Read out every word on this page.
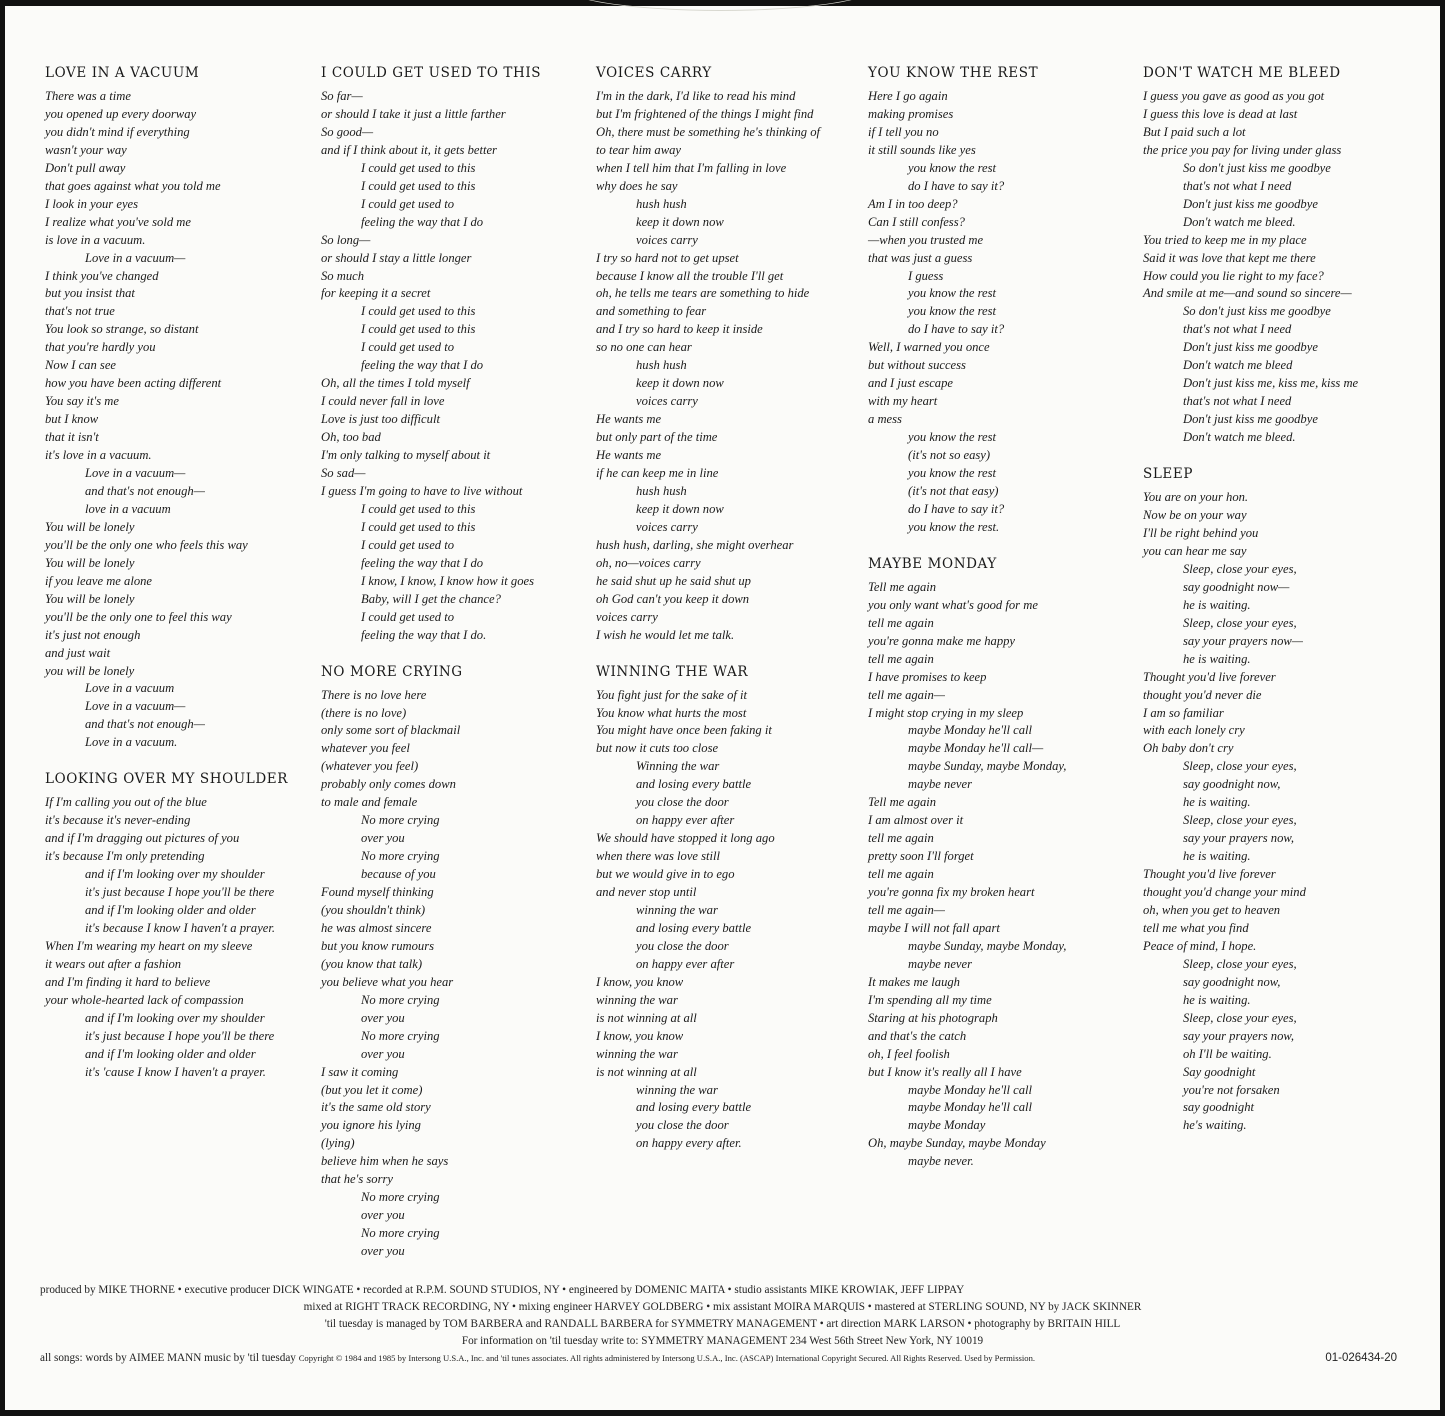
LOVE IN A VACUUM
There was a time
you opened up every doorway
you didn't mind if everything
wasn't your way
Don't pull away
that goes against what you told me
I look in your eyes
I realize what you've sold me
is love in a vacuum.
Love in a vacuum—
I think you've changed
but you insist that
that's not true
You look so strange, so distant
that you're hardly you
Now I can see
how you have been acting different
You say it's me
but I know
that it isn't
it's love in a vacuum.
Love in a vacuum—
and that's not enough—
love in a vacuum
You will be lonely
you'll be the only one who feels this way
You will be lonely
if you leave me alone
You will be lonely
you'll be the only one to feel this way
it's just not enough
and just wait
you will be lonely
Love in a vacuum
Love in a vacuum—
and that's not enough—
Love in a vacuum.
LOOKING OVER MY SHOULDER
If I'm calling you out of the blue
it's because it's never-ending
and if I'm dragging out pictures of you
it's because I'm only pretending
and if I'm looking over my shoulder
it's just because I hope you'll be there
and if I'm looking older and older
it's because I know I haven't a prayer.
When I'm wearing my heart on my sleeve
it wears out after a fashion
and I'm finding it hard to believe
your whole-hearted lack of compassion
and if I'm looking over my shoulder
it's just because I hope you'll be there
and if I'm looking older and older
it's 'cause I know I haven't a prayer.
I COULD GET USED TO THIS
So far—
or should I take it just a little farther
So good—
and if I think about it, it gets better
I could get used to this
I could get used to this
I could get used to
feeling the way that I do
So long—
or should I stay a little longer
So much
for keeping it a secret
I could get used to this
I could get used to this
I could get used to
feeling the way that I do
Oh, all the times I told myself
I could never fall in love
Love is just too difficult
Oh, too bad
I'm only talking to myself about it
So sad—
I guess I'm going to have to live without
I could get used to this
I could get used to this
I could get used to
feeling the way that I do
I know, I know, I know how it goes
Baby, will I get the chance?
I could get used to
feeling the way that I do.
NO MORE CRYING
There is no love here
(there is no love)
only some sort of blackmail
whatever you feel
(whatever you feel)
probably only comes down
to male and female
No more crying
over you
No more crying
because of you
Found myself thinking
(you shouldn't think)
he was almost sincere
but you know rumours
(you know that talk)
you believe what you hear
No more crying
over you
No more crying
over you
I saw it coming
(but you let it come)
it's the same old story
you ignore his lying
(lying)
believe him when he says
that he's sorry
No more crying
over you
No more crying
over you
VOICES CARRY
I'm in the dark, I'd like to read his mind
but I'm frightened of the things I might find
Oh, there must be something he's thinking of
to tear him away
when I tell him that I'm falling in love
why does he say
hush hush
keep it down now
voices carry
I try so hard not to get upset
because I know all the trouble I'll get
oh, he tells me tears are something to hide
and something to fear
and I try so hard to keep it inside
so no one can hear
hush hush
keep it down now
voices carry
He wants me
but only part of the time
He wants me
if he can keep me in line
hush hush
keep it down now
voices carry
hush hush, darling, she might overhear
oh, no—voices carry
he said shut up he said shut up
oh God can't you keep it down
voices carry
I wish he would let me talk.
WINNING THE WAR
You fight just for the sake of it
You know what hurts the most
You might have once been faking it
but now it cuts too close
Winning the war
and losing every battle
you close the door
on happy ever after
We should have stopped it long ago
when there was love still
but we would give in to ego
and never stop until
winning the war
and losing every battle
you close the door
on happy ever after
I know, you know
winning the war
is not winning at all
I know, you know
winning the war
is not winning at all
winning the war
and losing every battle
you close the door
on happy every after.
YOU KNOW THE REST
Here I go again
making promises
if I tell you no
it still sounds like yes
you know the rest
do I have to say it?
Am I in too deep?
Can I still confess?
—when you trusted me
that was just a guess
I guess
you know the rest
you know the rest
do I have to say it?
Well, I warned you once
but without success
and I just escape
with my heart
a mess
you know the rest
(it's not so easy)
you know the rest
(it's not that easy)
do I have to say it?
you know the rest.
MAYBE MONDAY
Tell me again
you only want what's good for me
tell me again
you're gonna make me happy
tell me again
I have promises to keep
tell me again—
I might stop crying in my sleep
maybe Monday he'll call
maybe Monday he'll call—
maybe Sunday, maybe Monday,
maybe never
Tell me again
I am almost over it
tell me again
pretty soon I'll forget
tell me again
you're gonna fix my broken heart
tell me again—
maybe I will not fall apart
maybe Sunday, maybe Monday,
maybe never
It makes me laugh
I'm spending all my time
Staring at his photograph
and that's the catch
oh, I feel foolish
but I know it's really all I have
maybe Monday he'll call
maybe Monday he'll call
maybe Monday
Oh, maybe Sunday, maybe Monday
maybe never.
DON'T WATCH ME BLEED
I guess you gave as good as you got
I guess this love is dead at last
But I paid such a lot
the price you pay for living under glass
So don't just kiss me goodbye
that's not what I need
Don't just kiss me goodbye
Don't watch me bleed.
You tried to keep me in my place
Said it was love that kept me there
How could you lie right to my face?
And smile at me—and sound so sincere—
So don't just kiss me goodbye
that's not what I need
Don't just kiss me goodbye
Don't watch me bleed
Don't just kiss me, kiss me, kiss me
that's not what I need
Don't just kiss me goodbye
Don't watch me bleed.
SLEEP
You are on your hon.
Now be on your way
I'll be right behind you
you can hear me say
Sleep, close your eyes,
say goodnight now—
he is waiting.
Sleep, close your eyes,
say your prayers now—
he is waiting.
Thought you'd live forever
thought you'd never die
I am so familiar
with each lonely cry
Oh baby don't cry
Sleep, close your eyes,
say goodnight now,
he is waiting.
Sleep, close your eyes,
say your prayers now,
he is waiting.
Thought you'd live forever
thought you'd change your mind
oh, when you get to heaven
tell me what you find
Peace of mind, I hope.
Sleep, close your eyes,
say goodnight now,
he is waiting.
Sleep, close your eyes,
say your prayers now,
oh I'll be waiting.
Say goodnight
you're not forsaken
say goodnight
he's waiting.
produced by MIKE THORNE • executive producer DICK WINGATE • recorded at R.P.M. SOUND STUDIOS, NY • engineered by DOMENIC MAITA • studio assistants MIKE KROWIAK, JEFF LIPPAY
mixed at RIGHT TRACK RECORDING, NY • mixing engineer HARVEY GOLDBERG • mix assistant MOIRA MARQUIS • mastered at STERLING SOUND, NY by JACK SKINNER
'til tuesday is managed by TOM BARBERA and RANDALL BARBERA for SYMMETRY MANAGEMENT • art direction MARK LARSON • photography by BRITAIN HILL
For information on 'til tuesday write to: SYMMETRY MANAGEMENT 234 West 56th Street New York, NY 10019
all songs: words by AIMEE MANN music by 'til tuesday Copyright © 1984 and 1985 by Intersong U.S.A., Inc. and 'til tunes associates. All rights administered by Intersong U.S.A., Inc. (ASCAP) International Copyright Secured. All Rights Reserved. Used by Permission.	01-026434-20
